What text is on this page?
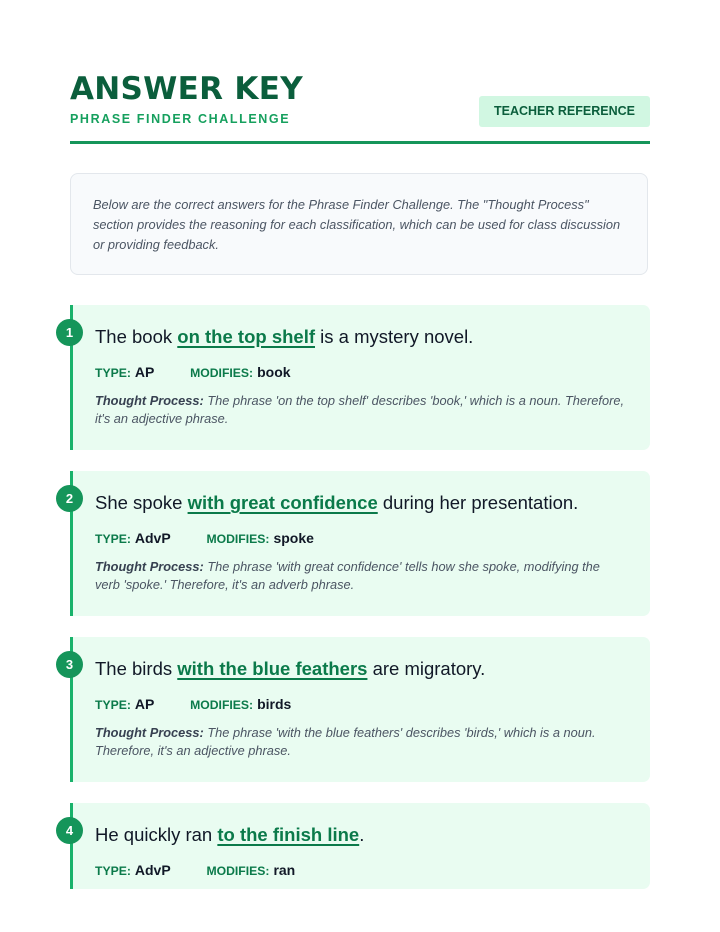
ANSWER KEY
PHRASE FINDER CHALLENGE
TEACHER REFERENCE

Below are the correct answers for the Phrase Finder Challenge. The "Thought Process" section provides the reasoning for each classification, which can be used for class discussion or providing feedback.

1	The book on the top shelf is a mystery novel.

TYPE: AP	MODIFIES: book

Thought Process: The phrase 'on the top shelf' describes 'book,' which is a noun. Therefore, it's an adjective phrase.

2	She spoke with great confidence during her presentation.

TYPE: AdvP	MODIFIES: spoke

Thought Process: The phrase 'with great confidence' tells how she spoke, modifying the verb 'spoke.' Therefore, it's an adverb phrase.

3	The birds with the blue feathers are migratory.

TYPE: AP	MODIFIES: birds

Thought Process: The phrase 'with the blue feathers' describes 'birds,' which is a noun. Therefore, it's an adjective phrase.

4	He quickly ran to the finish line.

TYPE: AdvP	MODIFIES: ran
